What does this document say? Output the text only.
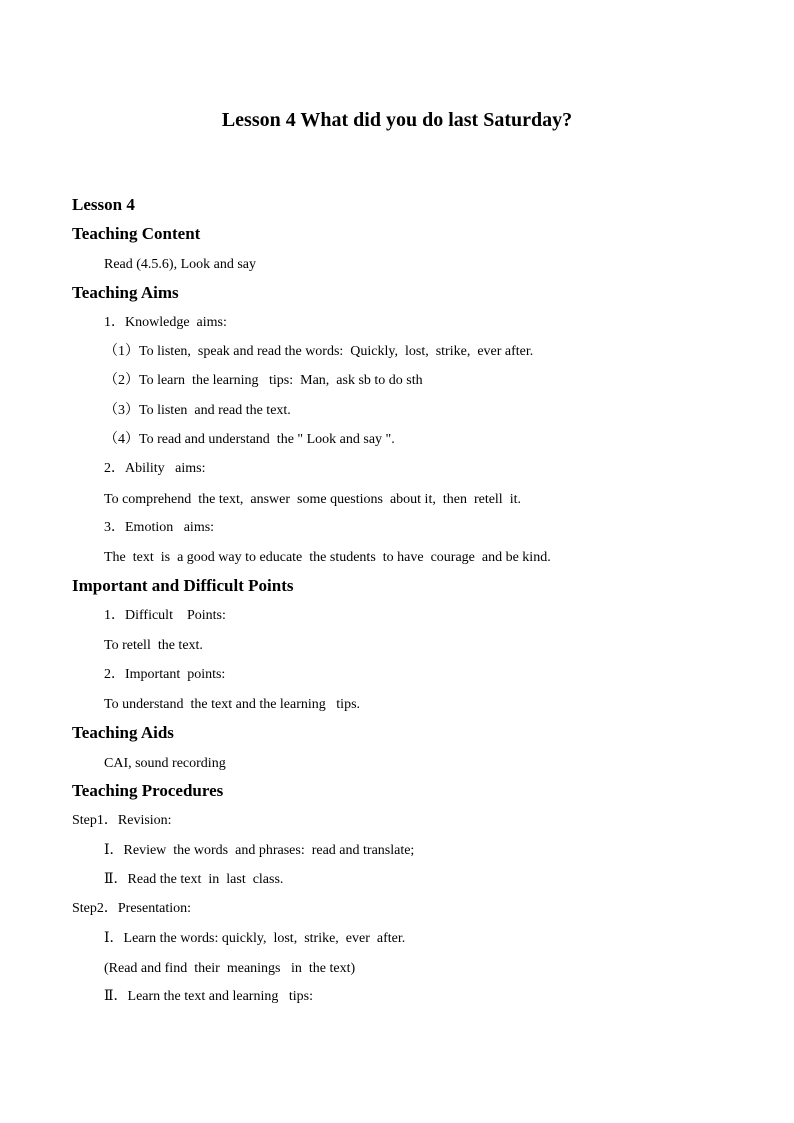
Lesson 4 What did you do last Saturday?
Lesson 4
Teaching Content
Read (4.5.6), Look and say
Teaching Aims
1．Knowledge  aims:
（1）To listen,  speak and read the words:  Quickly,  lost,  strike,  ever after.
（2）To learn  the learning   tips:  Man,  ask sb to do sth
（3）To listen  and read the text.
（4）To read and understand  the " Look and say ".
2．Ability   aims:
To comprehend  the text,  answer  some questions  about it,  then  retell  it.
3．Emotion   aims:
The  text  is  a good way to educate  the students  to have  courage  and be kind.
Important and Difficult Points
1．Difficult    Points:
To retell  the text.
2．Important  points:
To understand  the text and the learning   tips.
Teaching Aids
CAI, sound recording
Teaching Procedures
Step1．Revision:
Ⅰ．Review  the words  and phrases:  read and translate;
Ⅱ．Read the text  in  last  class.
Step2．Presentation:
Ⅰ．Learn the words: quickly,  lost,  strike,  ever  after.
(Read and find  their  meanings   in  the text)
Ⅱ．Learn the text and learning   tips:
